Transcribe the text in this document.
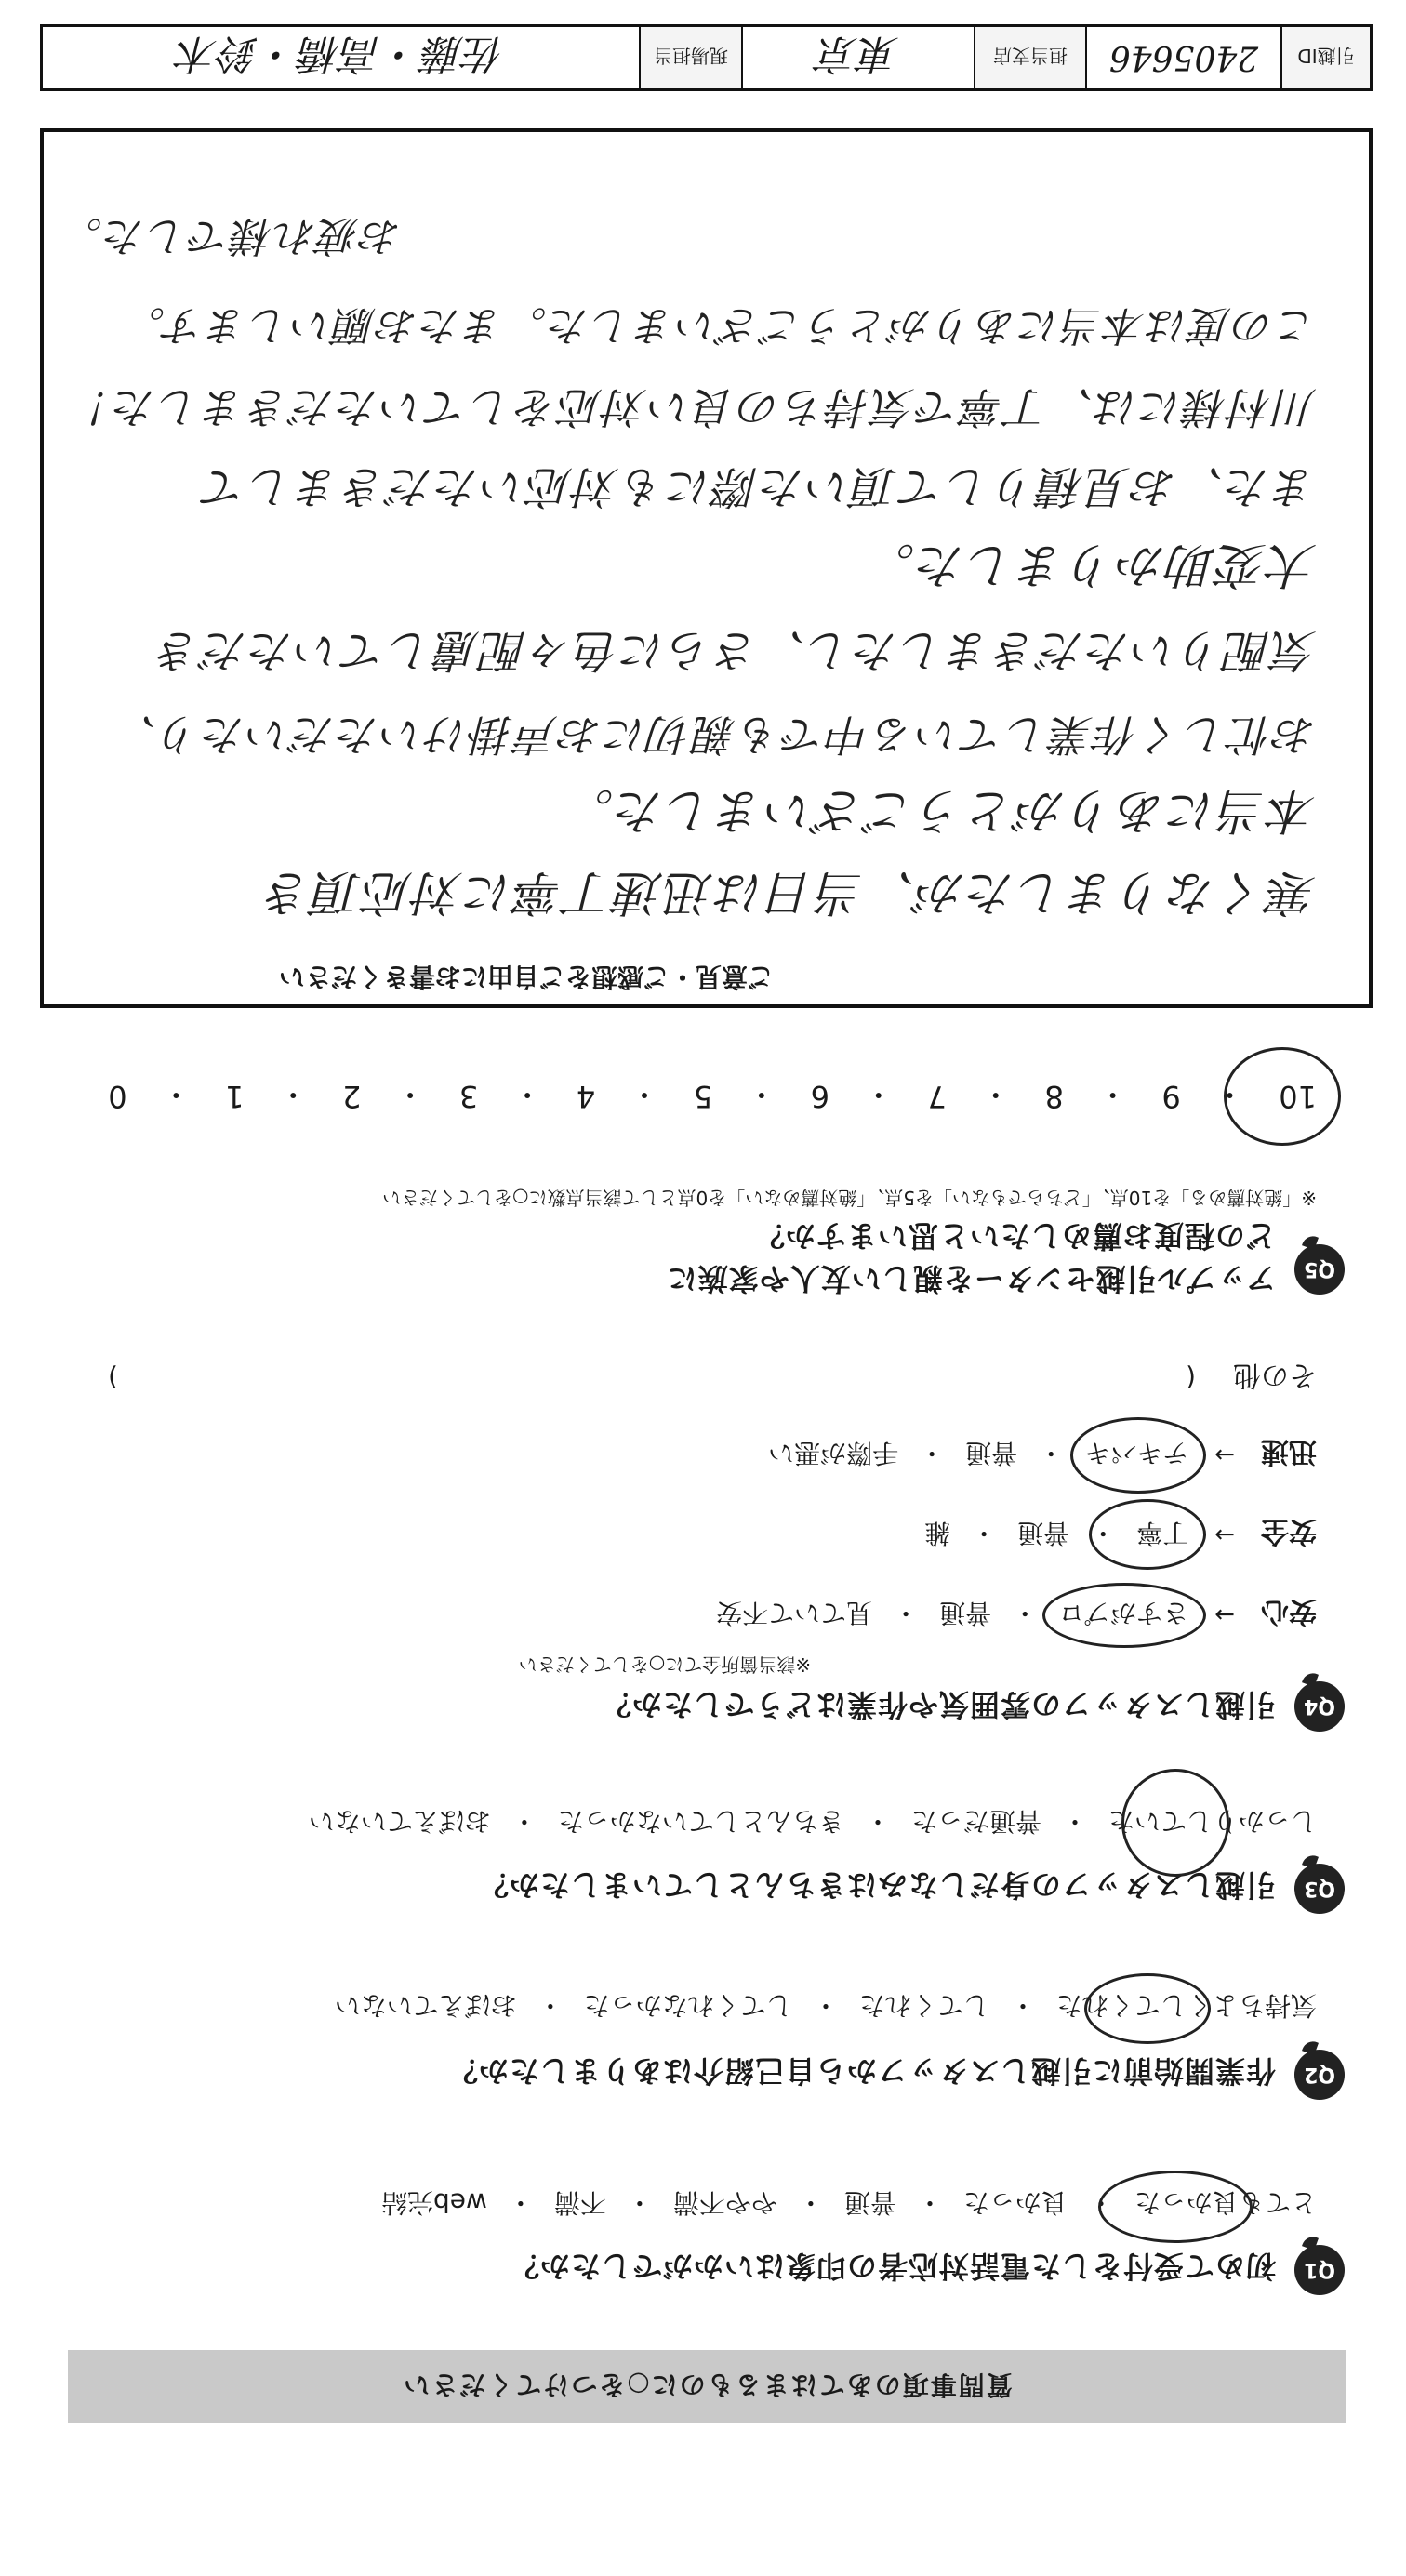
質問事項のあてはまるものに○をつけてください
Q1
初めて受付をした電話対応者の印象はいかがでしたか？
とても良かった
・
良かった
・
普通
・
やや不満
・
不満
・
web完結
Q2
作業開始前に引越しスタッフから自己紹介はありましたか？
気持ちよくしてくれた
・
してくれた
・
してくれなかった
・
おぼえていない
Q3
引越しスタッフの身だしなみはきちんとしていましたか？
しっかりしていた
・
普通だった
・
きちんとしていなかった
・
おぼえていない
Q4
引越しスタッフの雰囲気や作業はどうでしたか？
※該当箇所全てに○をしてください
安心
→
さすがプロ
・
普通
・
見ていて不安
安全
→
丁寧
・
普通
・
雑
迅速
→
テキパキ
・
普通
・
手際が悪い
その他
(
)
Q5
アップル引越センターを親しい友人や家族に
どの程度お薦めしたいと思いますか？
※「絶対薦める」を10点、「どちらでもない」を5点、「絶対薦めない」を0点として該当点数に○をしてください
10
・
9
・
8
・
7
・
6
・
5
・
4
・
3
・
2
・
1
・
0
ご意見・ご感想をご自由にお書きください
寒くなりましたが、当日は迅速丁寧に対応頂き
本当にありがとうございました。
お忙しく作業している中でも親切にお声掛けいただいたり、
気配りいただきましたし、さらに色々配慮していただき
大変助かりました。
また、お見積りして頂いた際にも対応いただきまして
川村様には、丁寧で気持ちの良い対応をしていただきました！
この度は本当にありがとうございました。またお願いします。
お疲れ様でした。
引越ID
2405646
担当支店
東京
現場担当
佐藤・高橋・鈴木
